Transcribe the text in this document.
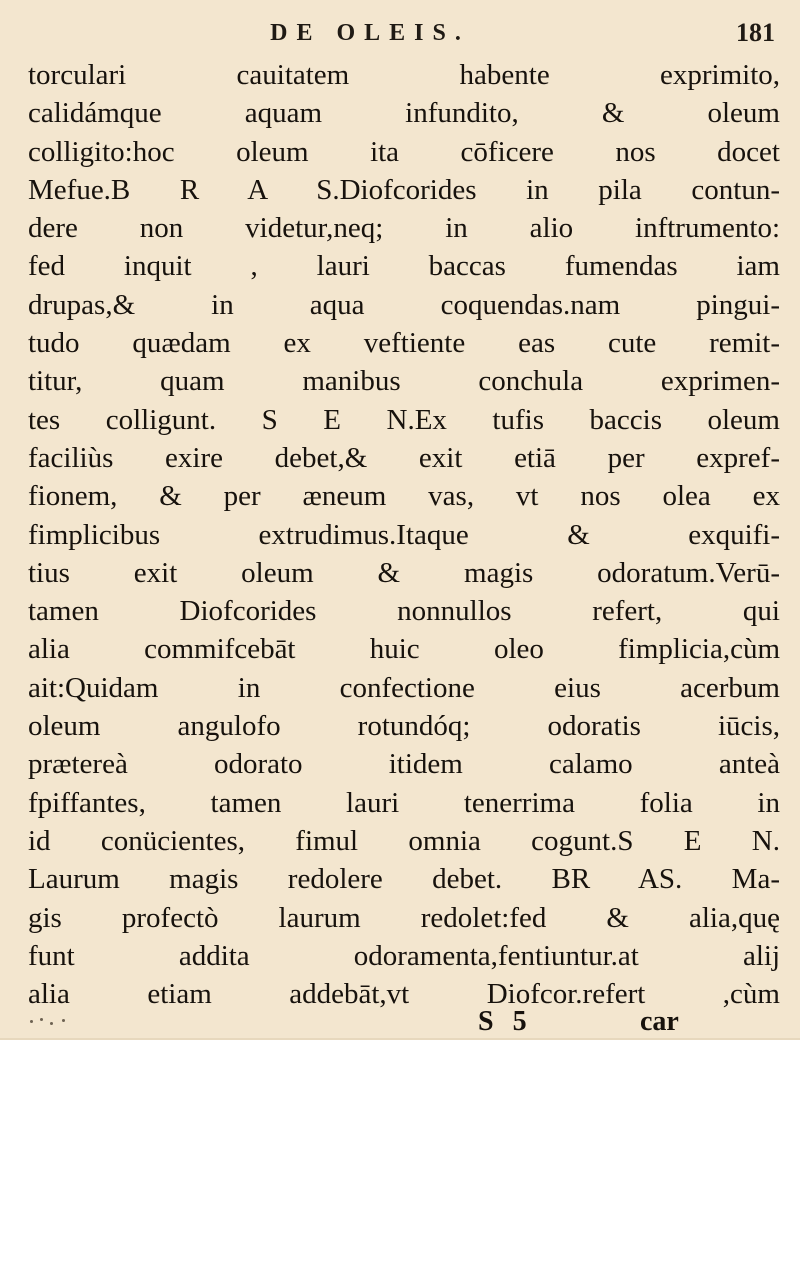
DE OLEIS.	181
torculari cauitatem habente exprimito,
calidámque aquam infundito, & oleum
colligito:hoc oleum ita cōficere nos docet
Mefue.B R A S.Diofcorides in pila contun-
dere non videtur,neq; in alio inftrumento:
fed inquit , lauri baccas fumendas iam
drupas,& in aqua coquendas.nam pingui-
tudo quædam ex veftiente eas cute remit-
titur, quam manibus conchula exprimen-
tes colligunt. S E N.Ex tufis baccis oleum
faciliùs exire debet,& exit etiā per expref-
fionem, & per æneum vas, vt nos olea ex
fimplicibus extrudimus.Itaque & exquifi-
tius exit oleum & magis odoratum.Verū-
tamen Diofcorides nonnullos refert, qui
alia commifcebāt huic oleo fimplicia,cùm
ait:Quidam in confectione eius acerbum
oleum angulofo rotundóq; odoratis iūcis,
prætereà odorato itidem calamo anteà
fpiffantes, tamen lauri tenerrima folia in
id conücientes, fimul omnia cogunt.S E N.
Laurum magis redolere debet. BR AS. Ma-
gis profectò laurum redolet:fed & alia,quę
funt addita odoramenta,fentiuntur.at alij
alia etiam addebāt,vt Diofcor.refert ,cùm
S 5	car
